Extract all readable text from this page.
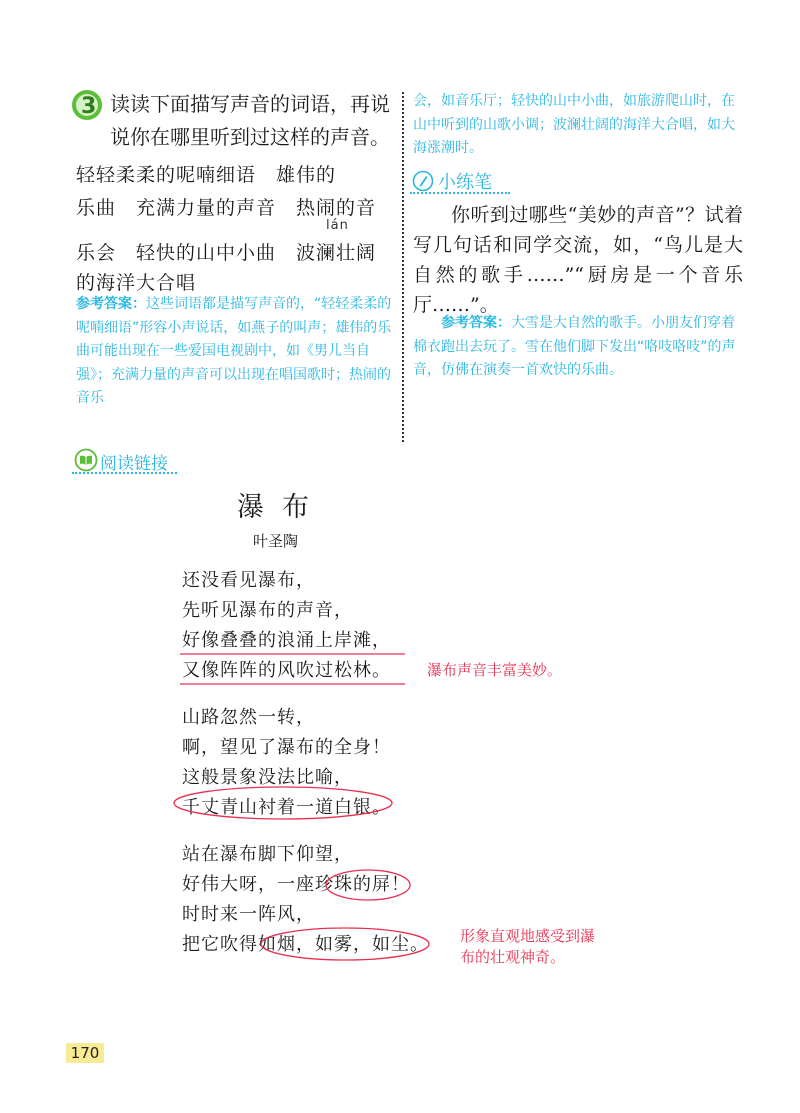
3 读读下面描写声音的词语，再说说你在哪里听到过这样的声音。
轻轻柔柔的呢喃细语　雄伟的
乐曲　充满力量的声音　热闹的音
lán
乐会　轻快的山中小曲　波澜壮阔
的海洋大合唱
参考答案：这些词语都是描写声音的，“轻轻柔柔的呢喃细语”形容小声说话，如燕子的叫声；雄伟的乐曲可能出现在一些爱国电视剧中，如《男儿当自强》；充满力量的声音可以出现在唱国歌时；热闹的音乐
会，如音乐厅；轻快的山中小曲，如旅游爬山时，在山中听到的山歌小调；波澜壮阔的海洋大合唱，如大海涨潮时。
小练笔
你听到过哪些“美妙的声音”？试着写几句话和同学交流，如，“鸟儿是大自然的歌手……”“厨房是一个音乐厅……”。
参考答案：大雪是大自然的歌手。小朋友们穿着棉衣跑出去玩了。雪在他们脚下发出“咯吱咯吱”的声音，仿佛在演奏一首欢快的乐曲。
阅读链接
瀑布
叶圣陶
还没看见瀑布，
先听见瀑布的声音，
好像叠叠的浪涌上岸滩，
又像阵阵的风吹过松林。
山路忽然一转，
啊，望见了瀑布的全身！
这般景象没法比喻，
千丈青山衬着一道白银。
站在瀑布脚下仰望，
好伟大呀，一座珍珠的屏！
时时来一阵风，
把它吹得如烟，如雾，如尘。
瀑布声音丰富美妙。
形象直观地感受到瀑布的壮观神奇。
170
